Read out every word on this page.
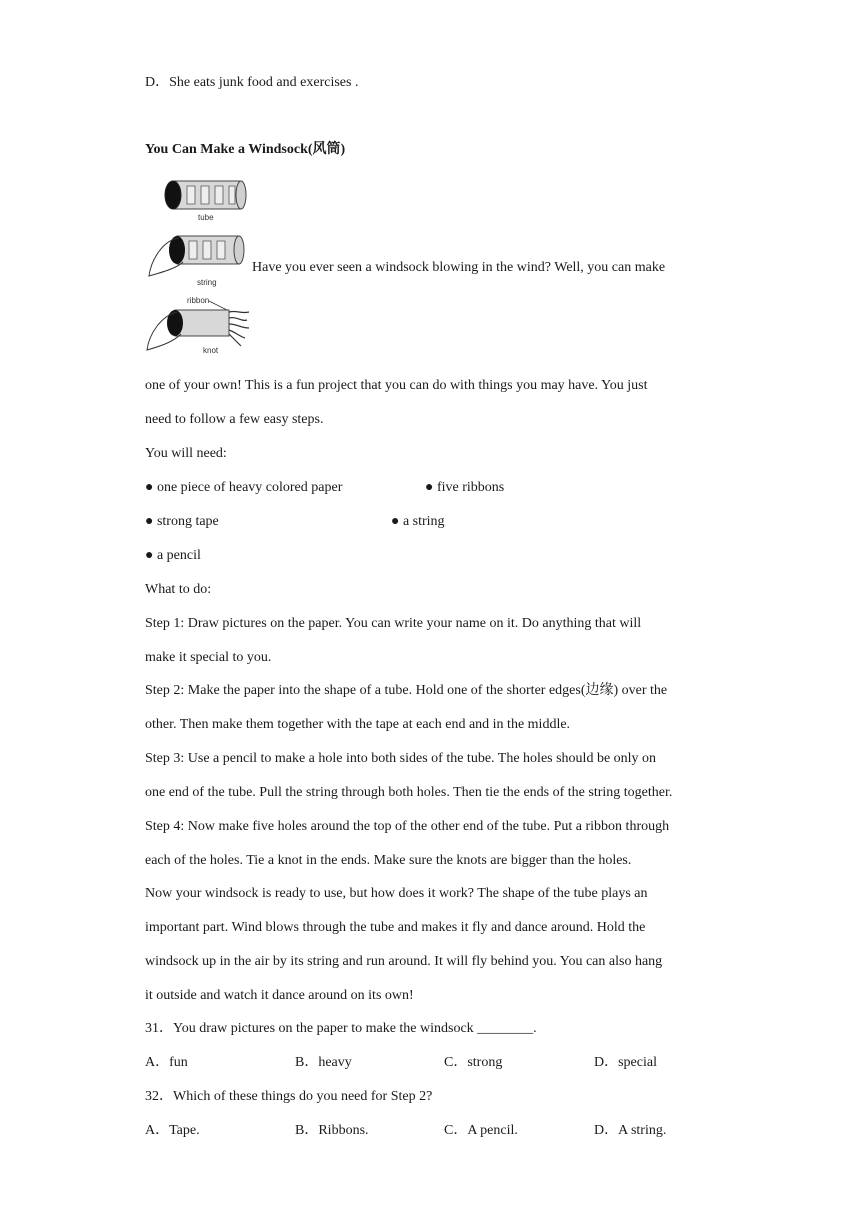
D．She eats junk food and exercises .
You Can Make a Windsock(风筒)
tube
string
Have you ever seen a windsock blowing in the wind? Well, you can make
ribbon
knot
one of your own! This is a fun project that you can do with things you may have. You just
need to follow a few easy steps.
You will need:
● one piece of heavy colored paper	● five ribbons
● strong tape	● a string
● a pencil
What to do:
Step 1: Draw pictures on the paper. You can write your name on it. Do anything that will
make it special to you.
Step 2: Make the paper into the shape of a tube. Hold one of the shorter edges(边缘) over the
other. Then make them together with the tape at each end and in the middle.
Step 3: Use a pencil to make a hole into both sides of the tube. The holes should be only on
one end of the tube. Pull the string through both holes. Then tie the ends of the string together.
Step 4: Now make five holes around the top of the other end of the tube. Put a ribbon through
each of the holes. Tie a knot in the ends. Make sure the knots are bigger than the holes.
Now your windsock is ready to use, but how does it work? The shape of the tube plays an
important part. Wind blows through the tube and makes it fly and dance around. Hold the
windsock up in the air by its string and run around. It will fly behind you. You can also hang
it outside and watch it dance around on its own!
31．You draw pictures on the paper to make the windsock ________.
A．fun	B．heavy	C．strong	D．special
32．Which of these things do you need for Step 2?
A．Tape.	B．Ribbons.	C．A pencil.	D．A string.
